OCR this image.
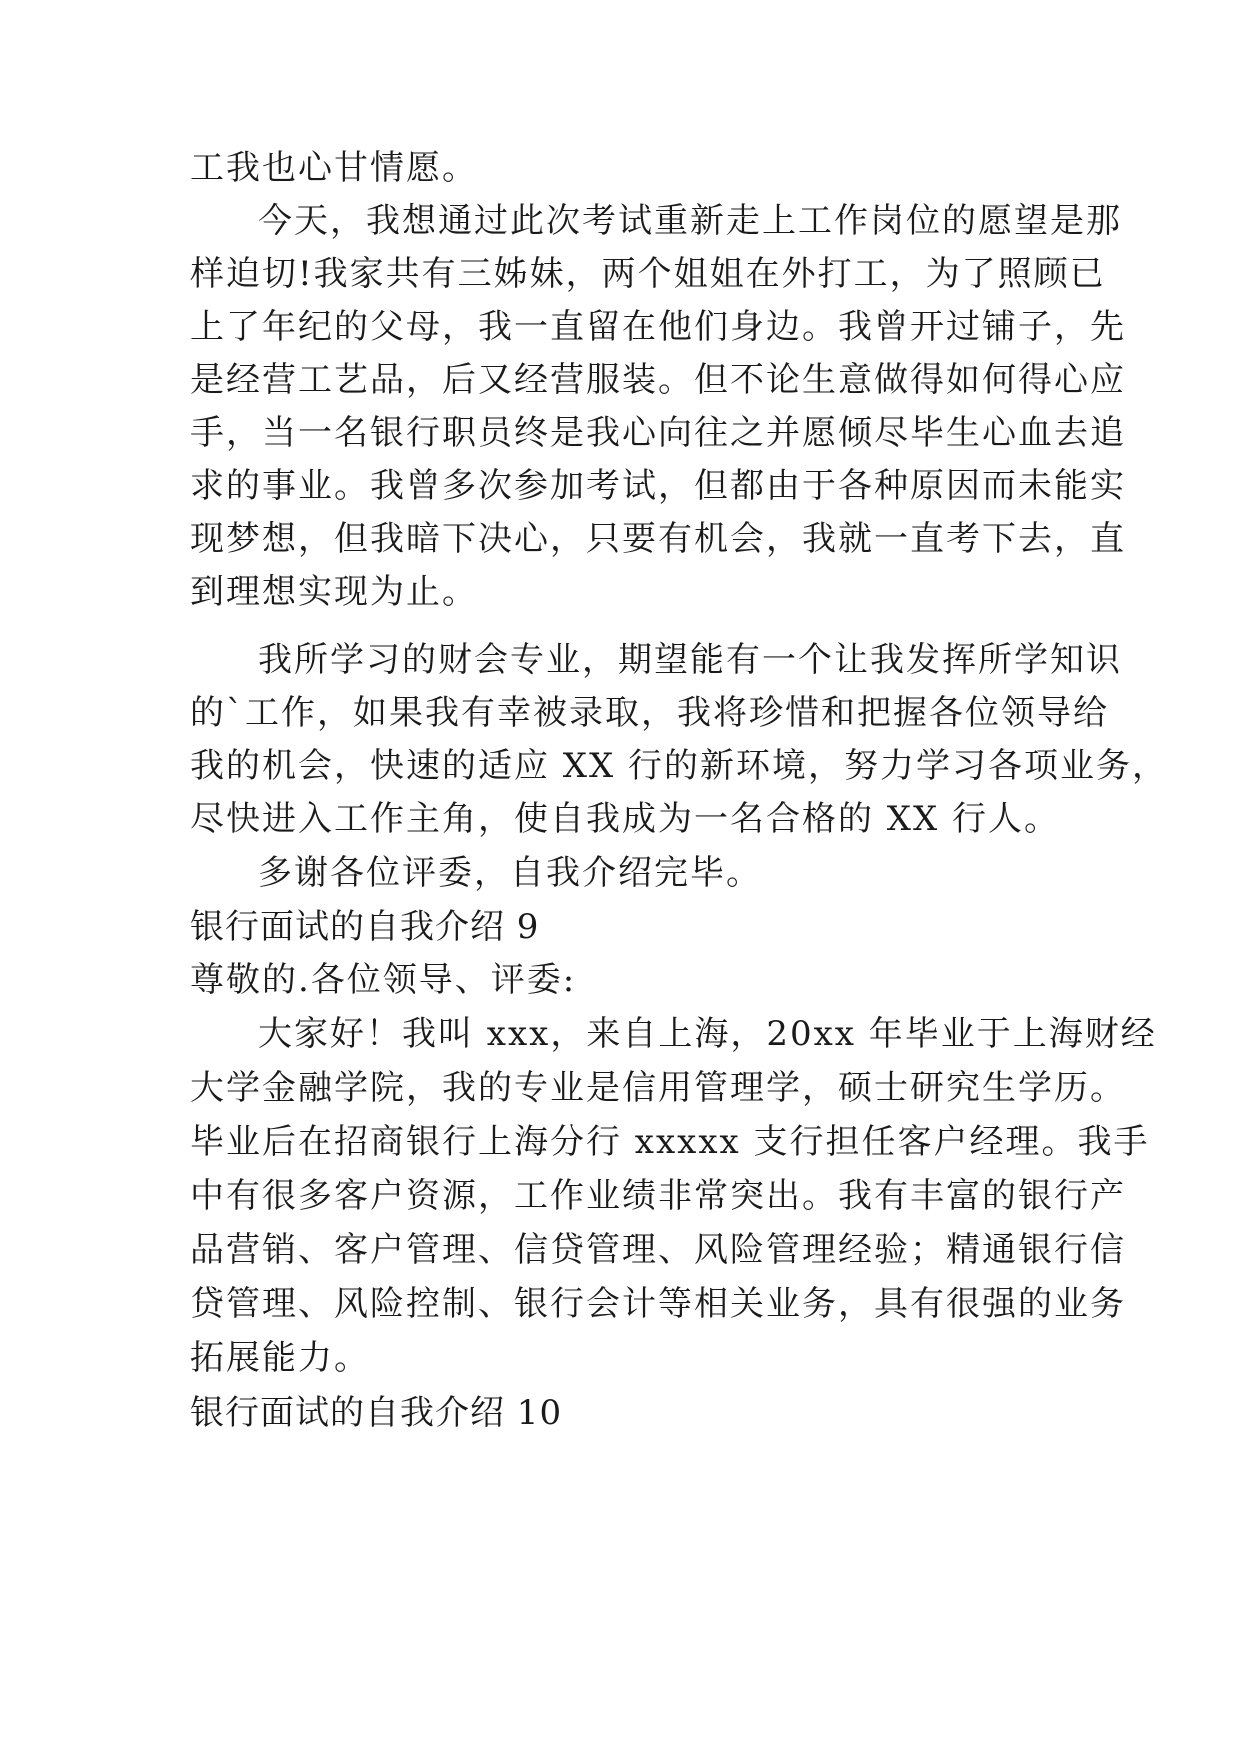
工我也心甘情愿。
今天，我想通过此次考试重新走上工作岗位的愿望是那
样迫切!我家共有三姊妹，两个姐姐在外打工，为了照顾已
上了年纪的父母，我一直留在他们身边。我曾开过铺子，先
是经营工艺品，后又经营服装。但不论生意做得如何得心应
手，当一名银行职员终是我心向往之并愿倾尽毕生心血去追
求的事业。我曾多次参加考试，但都由于各种原因而未能实
现梦想，但我暗下决心，只要有机会，我就一直考下去，直
到理想实现为止。
我所学习的财会专业，期望能有一个让我发挥所学知识
的`工作，如果我有幸被录取，我将珍惜和把握各位领导给
我的机会，快速的适应 XX 行的新环境，努力学习各项业务，
尽快进入工作主角，使自我成为一名合格的 XX 行人。
多谢各位评委，自我介绍完毕。
银行面试的自我介绍 9
尊敬的.各位领导、评委:
大家好！我叫 xxx，来自上海，20xx 年毕业于上海财经
大学金融学院，我的专业是信用管理学，硕士研究生学历。
毕业后在招商银行上海分行 xxxxx 支行担任客户经理。我手
中有很多客户资源，工作业绩非常突出。我有丰富的银行产
品营销、客户管理、信贷管理、风险管理经验；精通银行信
贷管理、风险控制、银行会计等相关业务，具有很强的业务
拓展能力。
银行面试的自我介绍 10
